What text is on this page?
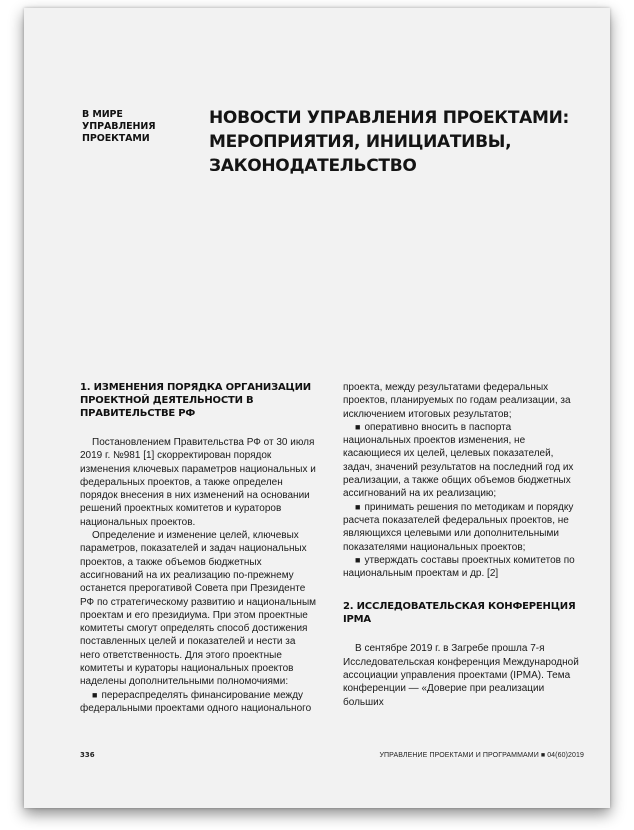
В МИРЕ УПРАВЛЕНИЯ ПРОЕКТАМИ
НОВОСТИ УПРАВЛЕНИЯ ПРОЕКТАМИ: МЕРОПРИЯТИЯ, ИНИЦИАТИВЫ, ЗАКОНОДАТЕЛЬСТВО
1. ИЗМЕНЕНИЯ ПОРЯДКА ОРГАНИЗАЦИИ ПРОЕКТНОЙ ДЕЯТЕЛЬНОСТИ В ПРАВИТЕЛЬСТВЕ РФ

Постановлением Правительства РФ от 30 июля 2019 г. №981 [1] скорректирован порядок изменения ключевых параметров национальных и федеральных проектов, а также определен порядок внесения в них изменений на основании решений проектных комитетов и кураторов национальных проектов.

Определение и изменение целей, ключевых параметров, показателей и задач национальных проектов, а также объемов бюджетных ассигнований на их реализацию по-прежнему останется прерогативой Совета при Президенте РФ по стратегическому развитию и национальным проектам и его президиума. При этом проектные комитеты смогут определять способ достижения поставленных целей и показателей и нести за него ответственность. Для этого проектные комитеты и кураторы национальных проектов наделены дополнительными полномочиями:

■ перераспределять финансирование между федеральными проектами одного национального

проекта, между результатами федеральных проектов, планируемых по годам реализации, за исключением итоговых результатов;

■ оперативно вносить в паспорта национальных проектов изменения, не касающиеся их целей, целевых показателей, задач, значений результатов на последний год их реализации, а также общих объемов бюджетных ассигнований на их реализацию;

■ принимать решения по методикам и порядку расчета показателей федеральных проектов, не являющихся целевыми или дополнительными показателями национальных проектов;

■ утверждать составы проектных комитетов по национальным проектам и др. [2]

2. ИССЛЕДОВАТЕЛЬСКАЯ КОНФЕРЕНЦИЯ IPMA

В сентябре 2019 г. в Загребе прошла 7-я Исследовательская конференция Международной ассоциации управления проектами (IPMA). Тема конференции — «Доверие при реализации больших

336	УПРАВЛЕНИЕ ПРОЕКТАМИ И ПРОГРАММАМИ ■ 04(60)2019
